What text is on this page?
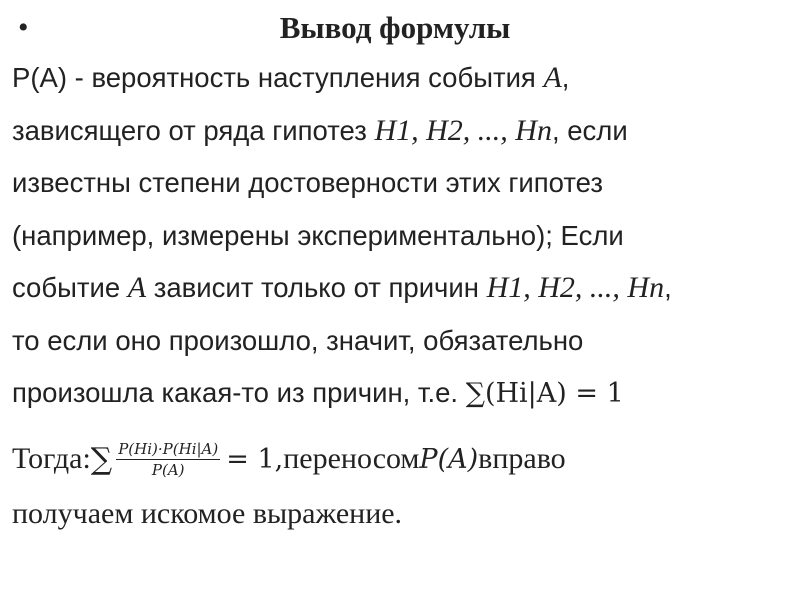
•	Вывод формулы
Р(А) - вероятность наступления события А,
зависящего от ряда гипотез H1, H2, ..., Hn, если
известны степени достоверности этих гипотез
(например, измерены экспериментально); Если
событие А зависит только от причин H1, H2, ..., Hn,
то если оно произошло, значит, обязательно
произошла какая-то из причин, т.е. ∑(Hi|A) = 1
Тогда: ∑ $\frac{P(Hi)\cdot P(Hi|A)}{P(A)} = 1$, переносом P(A) вправо
получаем искомое выражение.
